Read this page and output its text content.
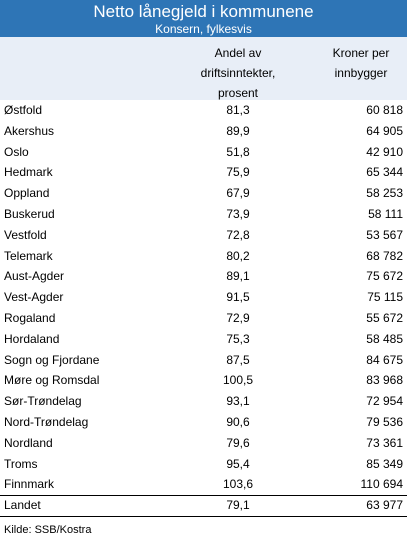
Netto lånegjeld i kommunene
Konsern, fylkesvis
Andel av
driftsinntekter,
prosent
Kroner per
innbygger
Østfold	81,3	60 818
Akershus	89,9	64 905
Oslo	51,8	42 910
Hedmark	75,9	65 344
Oppland	67,9	58 253
Buskerud	73,9	58 111
Vestfold	72,8	53 567
Telemark	80,2	68 782
Aust-Agder	89,1	75 672
Vest-Agder	91,5	75 115
Rogaland	72,9	55 672
Hordaland	75,3	58 485
Sogn og Fjordane	87,5	84 675
Møre og Romsdal	100,5	83 968
Sør-Trøndelag	93,1	72 954
Nord-Trøndelag	90,6	79 536
Nordland	79,6	73 361
Troms	95,4	85 349
Finnmark	103,6	110 694
Landet	79,1	63 977
Kilde: SSB/Kostra
